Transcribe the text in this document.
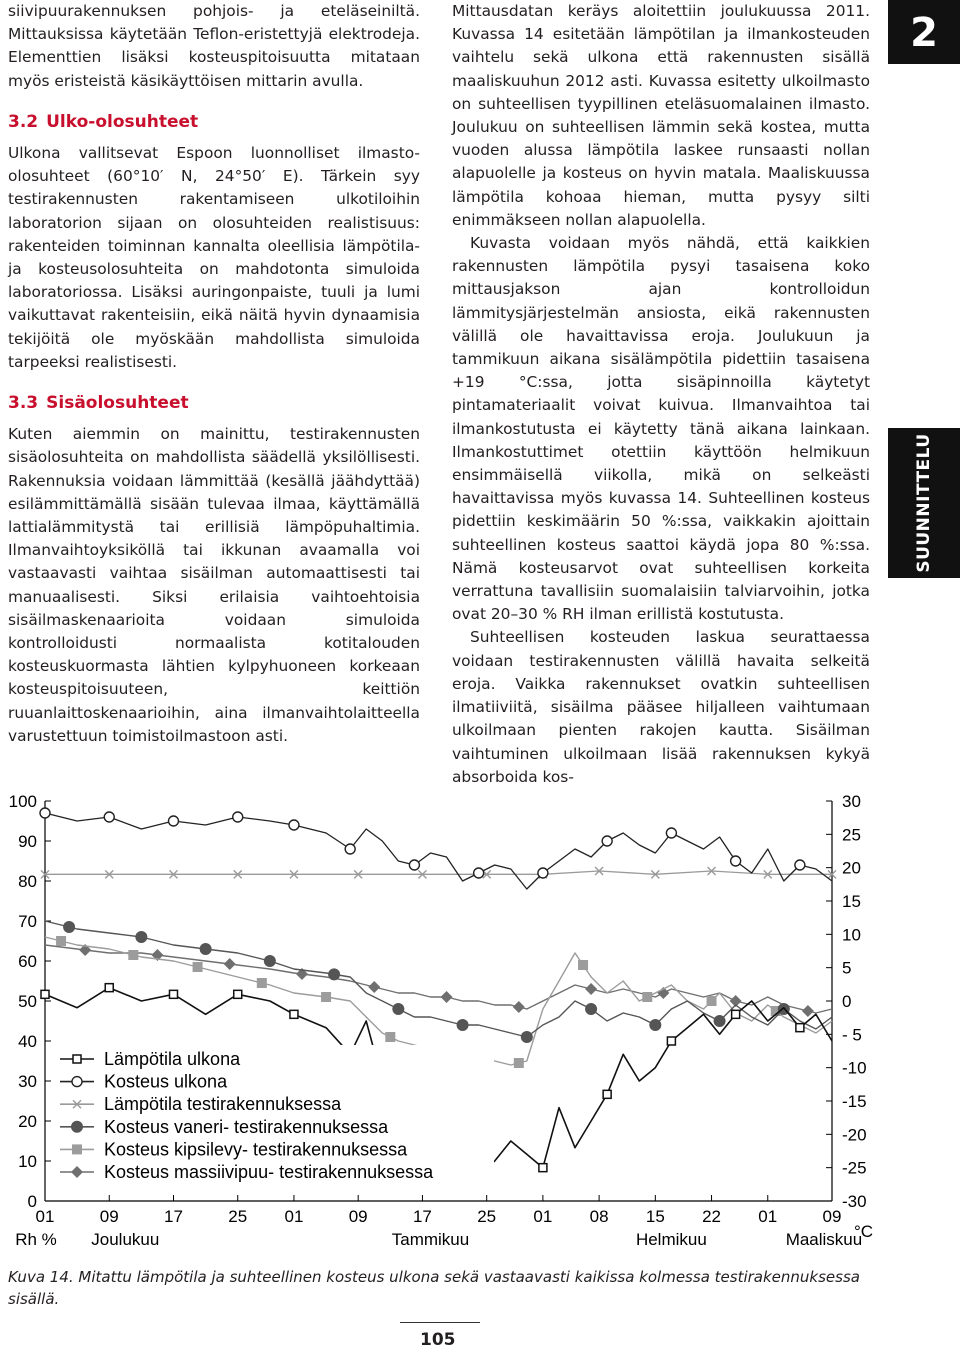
siivipuurakennuksen pohjois- ja eteläseiniltä. Mittauksissa käytetään Teflon-eristettyjä elektrodeja. Elementtien lisäksi kosteuspitoisuutta mitataan myös eristeistä käsikäyttöisen mittarin avulla.

3.2 Ulko-olosuhteet

Ulkona vallitsevat Espoon luonnolliset ilmasto-olosuhteet (60°10′ N, 24°50′ E). Tärkein syy testirakennusten rakentamiseen ulkotiloihin laboratorion sijaan on olosuhteiden realistisuus: rakenteiden toiminnan kannalta oleellisia lämpötila- ja kosteusolosuhteita on mahdotonta simuloida laboratoriossa. Lisäksi auringonpaiste, tuuli ja lumi vaikuttavat rakenteisiin, eikä näitä hyvin dynaamisia tekijöitä ole myöskään mahdollista simuloida tarpeeksi realistisesti.

3.3 Sisäolosuhteet

Kuten aiemmin on mainittu, testirakennusten sisäolosuhteita on mahdollista säädellä yksilöllisesti. Rakennuksia voidaan lämmittää (kesällä jäähdyttää) esilämmittämällä sisään tulevaa ilmaa, käyttämällä lattialämmitystä tai erillisiä lämpöpuhaltimia. Ilmanvaihtoyksiköllä tai ikkunan avaamalla voi vastaavasti vaihtaa sisäilman automaattisesti tai manuaalisesti. Siksi erilaisia vaihtoehtoisia sisäilmaskenaarioita voidaan simuloida kontrolloidusti normaalista kotitalouden kosteuskuormasta lähtien kylpyhuoneen korkeaan kosteuspitoisuuteen, keittiön ruuanlaittoskenaarioihin, aina ilmanvaihtolaitteella varustettuun toimistoilmastoon asti.

Mittausdatan keräys aloitettiin joulukuussa 2011. Kuvassa 14 esitetään lämpötilan ja ilmankosteuden vaihtelu sekä ulkona että rakennusten sisällä maaliskuuhun 2012 asti. Kuvassa esitetty ulkoilmasto on suhteellisen tyypillinen eteläsuomalainen ilmasto. Joulukuu on suhteellisen lämmin sekä kostea, mutta vuoden alussa lämpötila laskee runsaasti nollan alapuolelle ja kosteus on hyvin matala. Maaliskuussa lämpötila kohoaa hieman, mutta pysyy silti enimmäkseen nollan alapuolella.

Kuvasta voidaan myös nähdä, että kaikkien rakennusten lämpötila pysyi tasaisena koko mittausjakson ajan kontrolloidun lämmitysjärjestelmän ansiosta, eikä rakennusten välillä ole havaittavissa eroja. Joulukuun ja tammikuun aikana sisälämpötila pidettiin tasaisena +19 °C:ssa, jotta sisäpinnoilla käytetyt pintamateriaalit voivat kuivua. Ilmanvaihtoa tai ilmankostutusta ei käytetty tänä aikana lainkaan. Ilmankostuttimet otettiin käyttöön helmikuun ensimmäisellä viikolla, mikä on selkeästi havaittavissa myös kuvassa 14. Suhteellinen kosteus pidettiin keskimäärin 50 %:ssa, vaikkakin ajoittain suhteellinen kosteus saattoi käydä jopa 80 %:ssa. Nämä kosteusarvot ovat suhteellisen korkeita verrattuna tavallisiin suomalaisiin talviarvoihin, jotka ovat 20–30 % RH ilman erillistä kostutusta.

Suhteellisen kosteuden laskua seurattaessa voidaan testirakennusten välillä havaita selkeitä eroja. Vaikka rakennukset ovatkin suhteellisen ilmatiiviitä, sisäilma pääsee hiljalleen vaihtumaan ulkoilmaan pienten rakojen kautta. Sisäilman vaihtuminen ulkoilmaan lisää rakennuksen kykyä absorboida kos-

2
SUUNNITTELU
0
10
20
30
40
50
60
70
80
90
100
-30
-25
-20
-15
-10
- 5
0
5
10
15
20
25
30
01	09	17	25 01	09	17	25 01 08 15 22 01	09
Joulukuu	Tammikuu	Helmikuu	Maaliskuu
Rh %	°C
Lämpötila ulkona
Kosteus ulkona
Lämpötila testirakennuksessa
Kosteus vaneri- testirakennuksessa
Kosteus kipsilevy- testirakennuksessa
Kosteus massiivipuu- testirakennuksessa
Kuva 14. Mitattu lämpötila ja suhteellinen kosteus ulkona sekä vastaavasti kaikissa kolmessa testirakennuksessa sisällä.
105
